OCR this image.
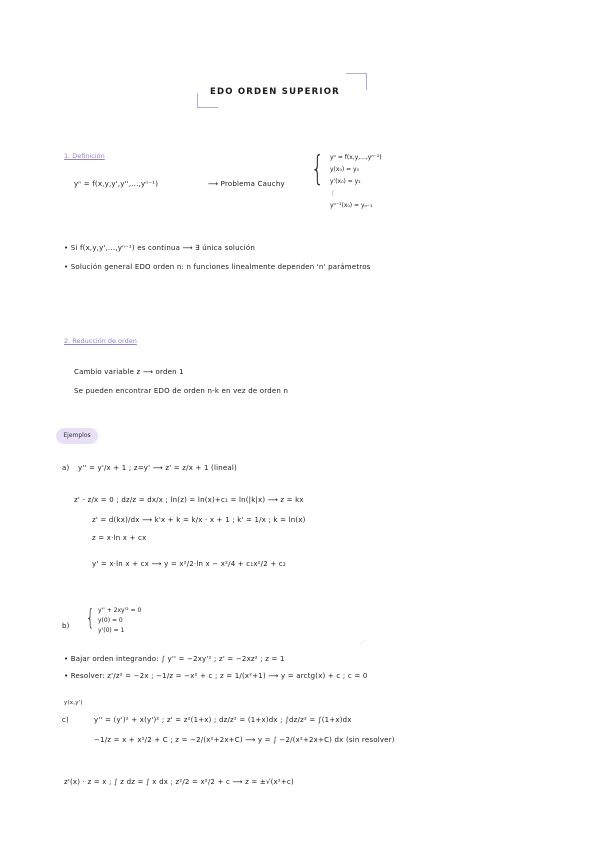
EDO ORDEN SUPERIOR
1. Definición
yⁿ = f(x,y,y',y'',...,yⁿ⁻¹)	⟶ Problema Cauchy { yⁿ = f(x,y,...,yⁿ⁻¹)
y(x₀) = y₀
y'(x₀) = y₁
⋮
yⁿ⁻¹(x₀) = yₙ₋₁
• Si f(x,y,y',...,yⁿ⁻¹) es continua ⟶ ∃ única solución
• Solución general EDO orden n: n funciones linealmente dependen 'n' parámetros
2. Reducción de orden
Cambio variable z ⟶ orden 1
Se pueden encontrar EDO de orden n-k en vez de orden n
Ejemplos
a) y'' = y'/x + 1 ; z=y' ⟶ z' = z/x + 1 (lineal)
z' - z/x = 0 ; dz/z = dx/x ; ln(z) = ln(x)+c₁ = ln(|k|x) ⟶ z = kx
z' = d(kx)/dx ⟶ k'x + k = k/x · x + 1 ; k' = 1/x ; k = ln(x)
z = x·ln x + cx
y' = x·ln x + cx ⟶ y = x²/2·ln x − x²/4 + c₁x²/2 + c₂
b) { y'' + 2xy'² = 0
y(0) = 0
y'(0) = 1
.·´
• Bajar orden integrando: ∫ y'' = −2xy'² ; z' = −2xz² ; z = 1
• Resolver: z'/z² = −2x ; −1/z = −x² + c ; z = 1/(x²+1) ⟶ y = arctg(x) + c ; c = 0
y(x,y')
c)	y'' = (y')² + x(y')² ; z' = z²(1+x) ; dz/z² = (1+x)dx ; ∫dz/z² = ∫(1+x)dx
−1/z = x + x²/2 + C ; z = −2/(x²+2x+C) ⟶ y = ∫ −2/(x²+2x+C) dx (sin resolver)
z'(x) · z = x ; ∫ z dz = ∫ x dx ; z²/2 = x²/2 + c ⟶ z = ±√(x²+c)
